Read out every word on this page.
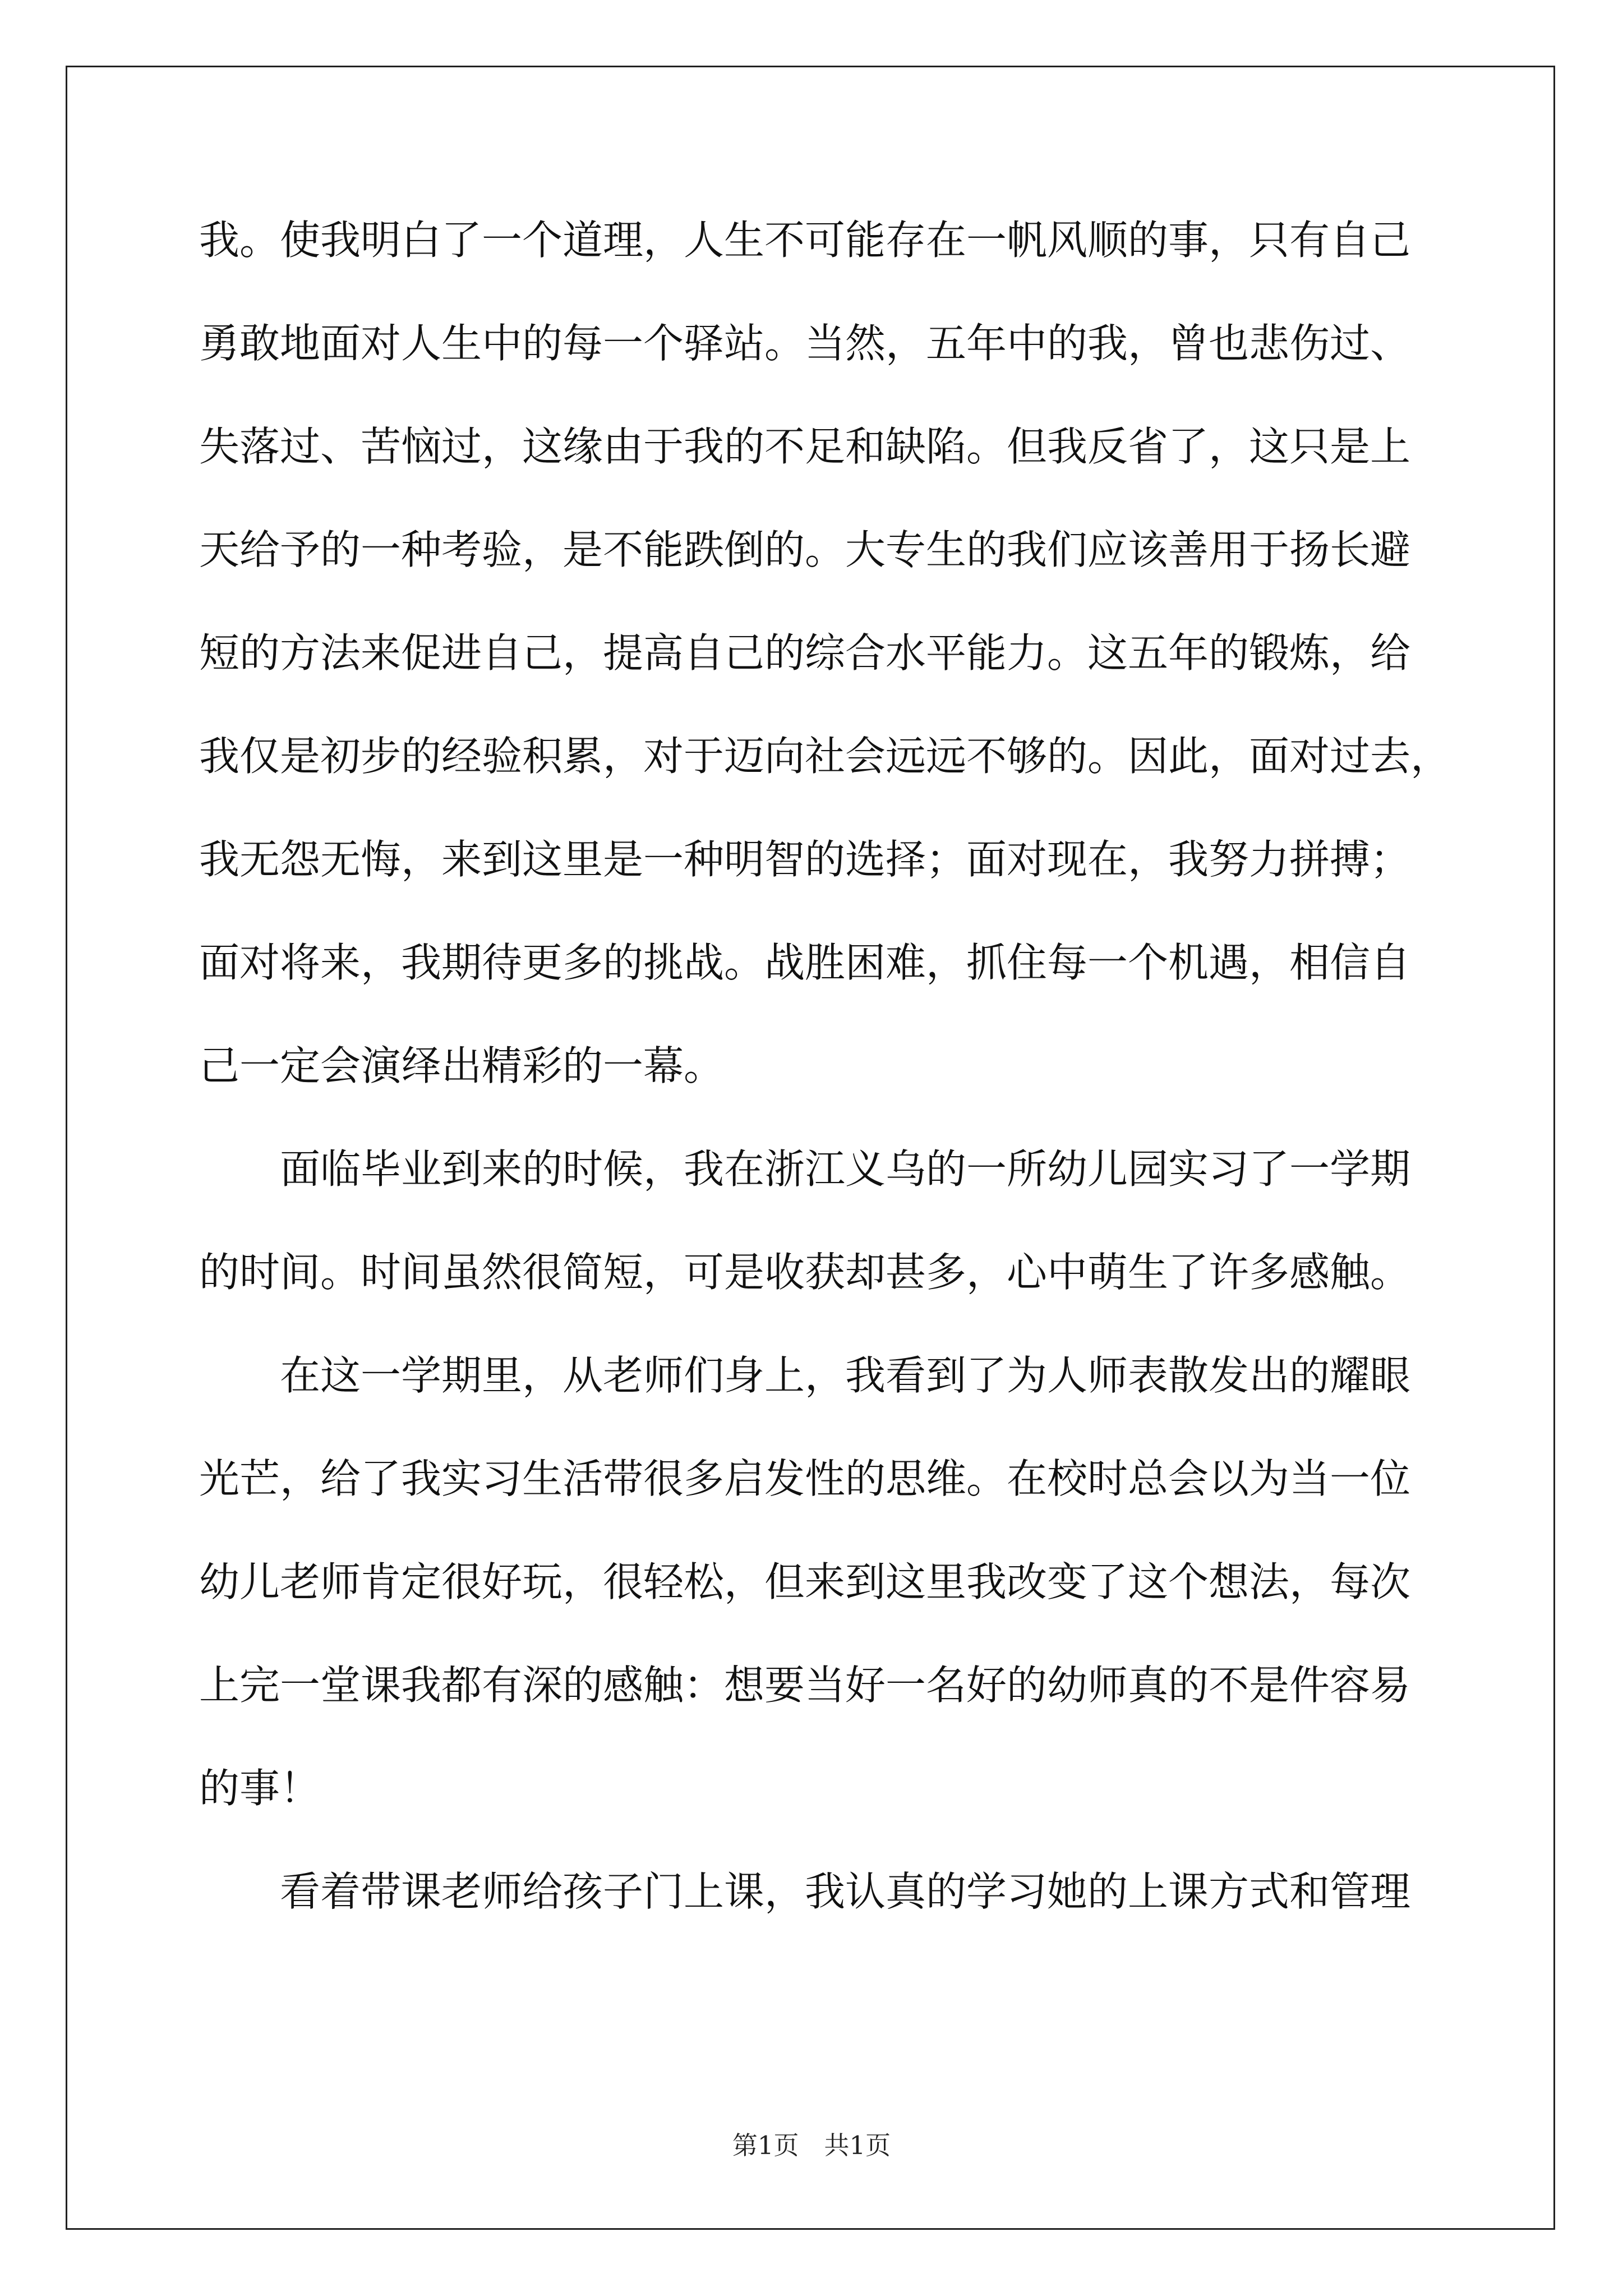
我。使我明白了一个道理，人生不可能存在一帆风顺的事，只有自己
勇敢地面对人生中的每一个驿站。当然，五年中的我，曾也悲伤过、
失落过、苦恼过，这缘由于我的不足和缺陷。但我反省了，这只是上
天给予的一种考验，是不能跌倒的。大专生的我们应该善用于扬长避
短的方法来促进自己，提高自己的综合水平能力。这五年的锻炼，给
我仅是初步的经验积累，对于迈向社会远远不够的。因此，面对过去，
我无怨无悔，来到这里是一种明智的选择；面对现在，我努力拼搏；
面对将来，我期待更多的挑战。战胜困难，抓住每一个机遇，相信自
己一定会演绎出精彩的一幕。
面临毕业到来的时候，我在浙江义乌的一所幼儿园实习了一学期
的时间。时间虽然很简短，可是收获却甚多，心中萌生了许多感触。
在这一学期里，从老师们身上，我看到了为人师表散发出的耀眼
光芒，给了我实习生活带很多启发性的思维。在校时总会以为当一位
幼儿老师肯定很好玩，很轻松，但来到这里我改变了这个想法，每次
上完一堂课我都有深的感触：想要当好一名好的幼师真的不是件容易
的事！
看着带课老师给孩子门上课，我认真的学习她的上课方式和管理
第1页　共1页
